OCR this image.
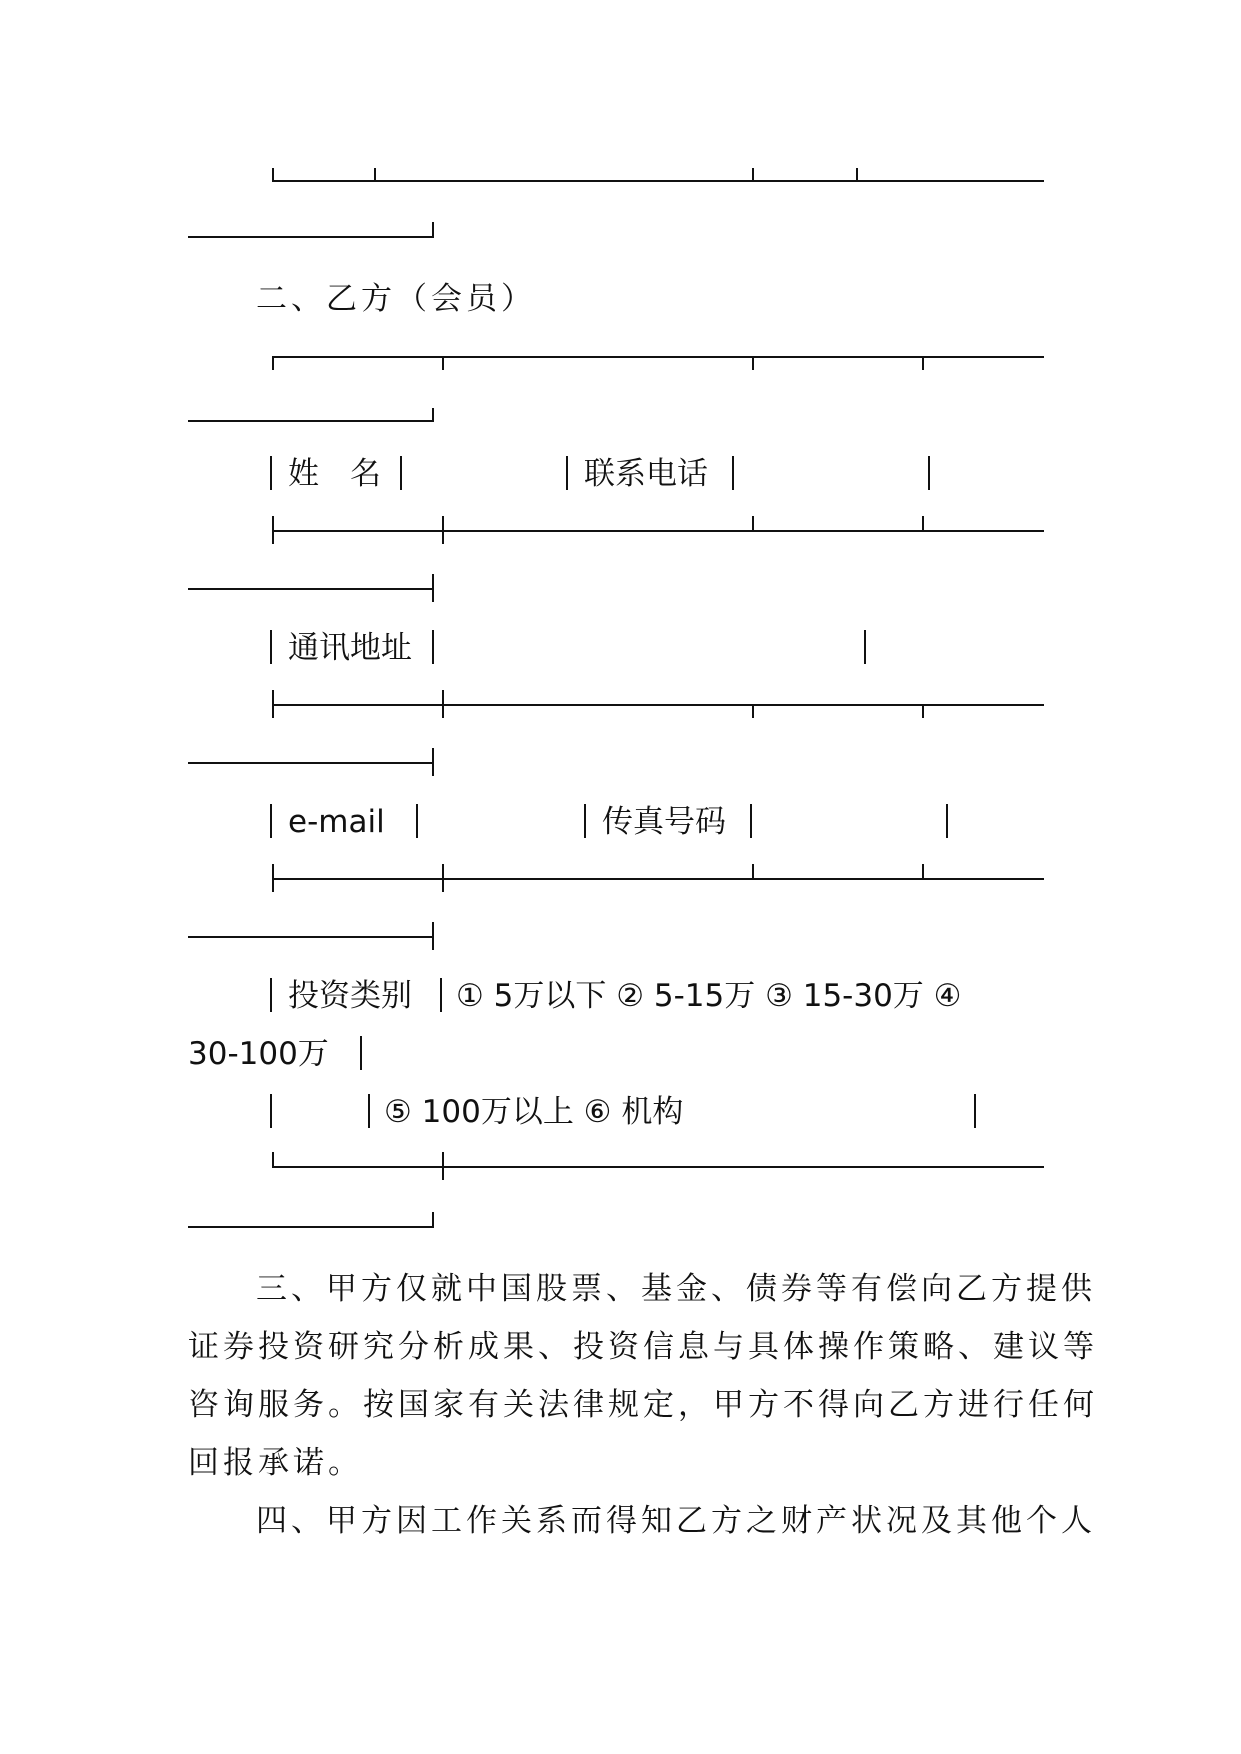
二、乙方（会员）
姓　名	联系电话
通讯地址
e-mail	传真号码
投资类别 ① 5万以下 ② 5-15万 ③ 15-30万 ④
30-100万
⑤ 100万以上 ⑥ 机构
三、甲方仅就中国股票、基金、债券等有偿向乙方提供
证券投资研究分析成果、投资信息与具体操作策略、建议等
咨询服务。按国家有关法律规定，甲方不得向乙方进行任何
回报承诺。
四、甲方因工作关系而得知乙方之财产状况及其他个人
